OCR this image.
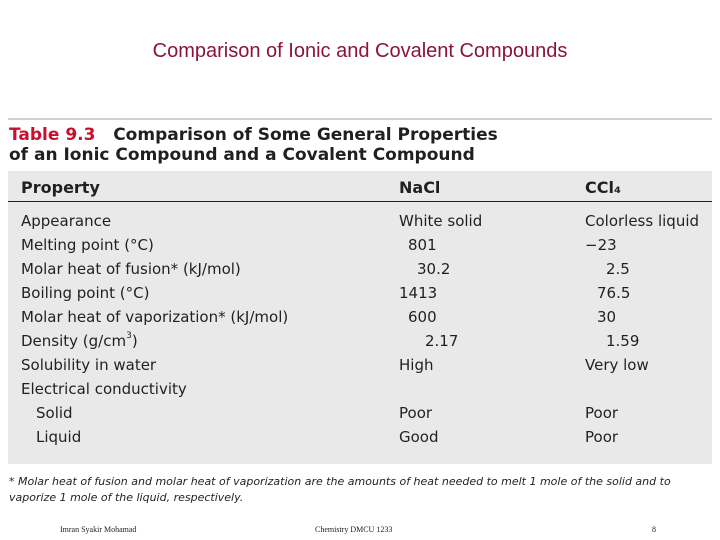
Comparison of Ionic and Covalent Compounds
Table 9.3 Comparison of Some General Properties
of an Ionic Compound and a Covalent Compound
Property	NaCl	CCl₄
Appearance	White solid	Colorless liquid
Melting point (°C)	801	−23
Molar heat of fusion* (kJ/mol)	30.2	2.5
Boiling point (°C)	1413	76.5
Molar heat of vaporization* (kJ/mol)	600	30
Density $(g/cm^3)$	2.17	1.59
Solubility in water	High	Very low
Electrical conductivity
Solid	Poor	Poor
Liquid	Good	Poor
* Molar heat of fusion and molar heat of vaporization are the amounts of heat needed to melt 1 mole of the solid and to vaporize 1 mole of the liquid, respectively.
Imran Syakir Mohamad	Chemistry DMCU 1233	8
